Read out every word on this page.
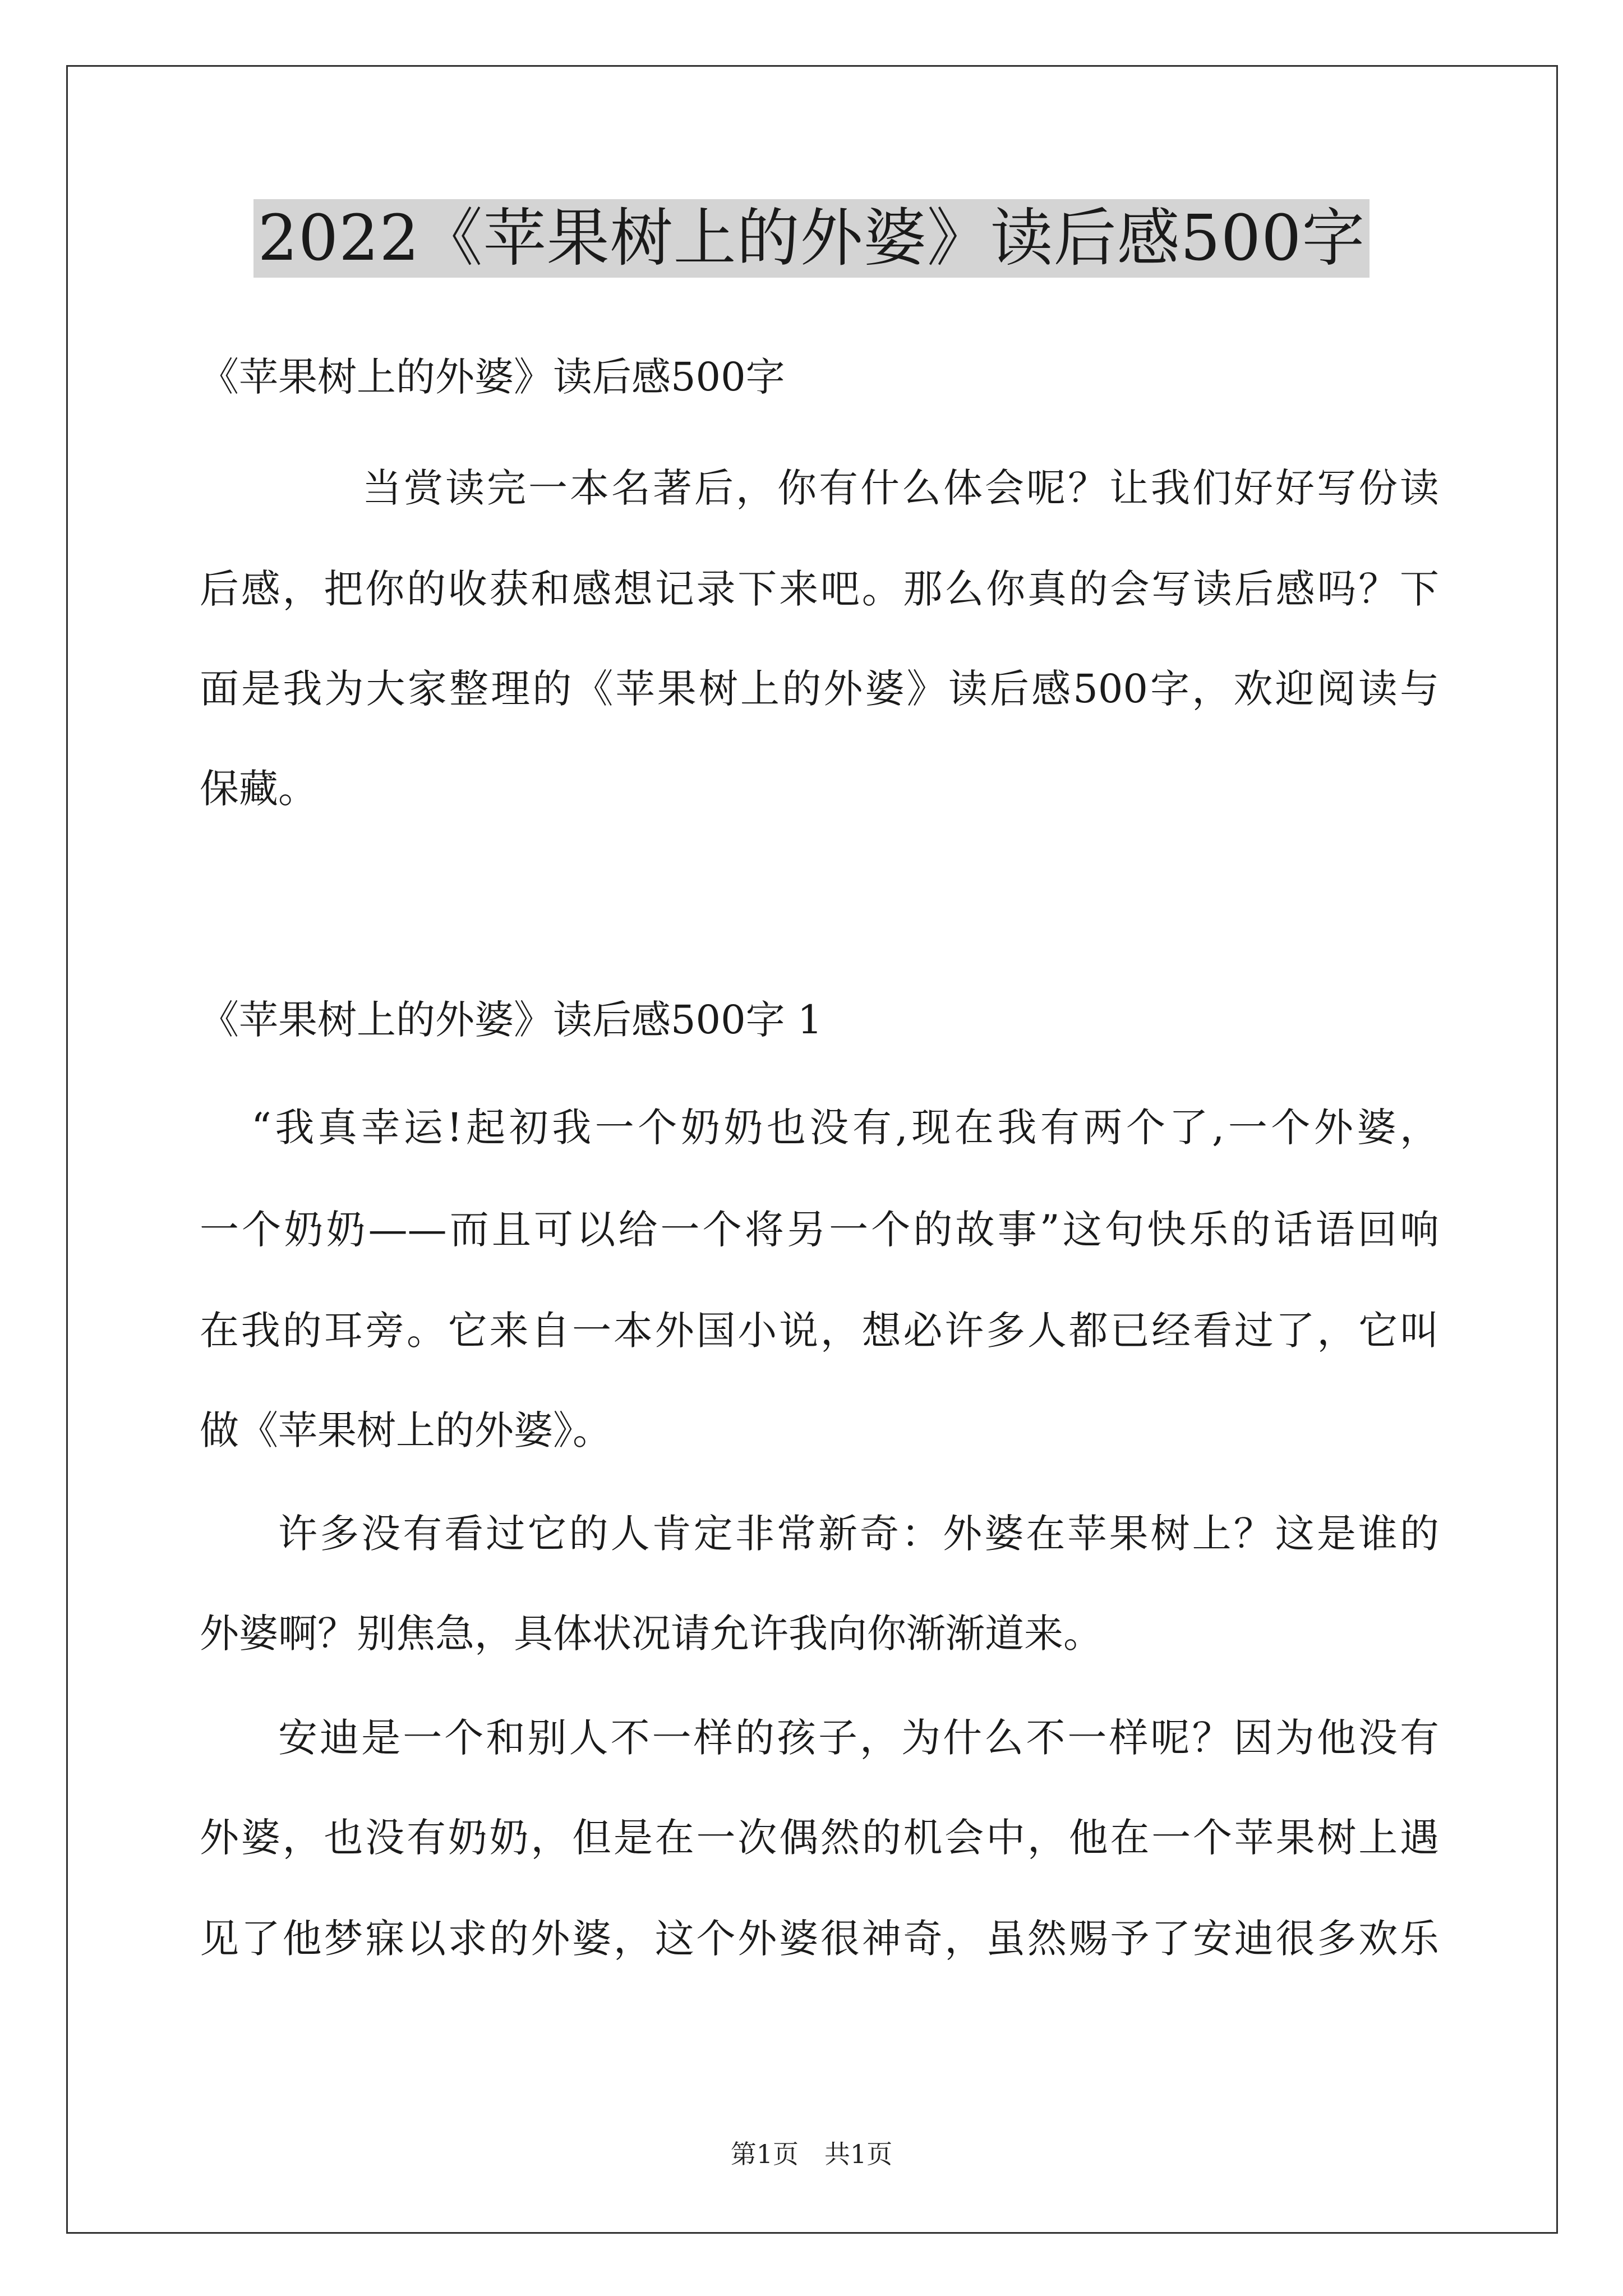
2022《苹果树上的外婆》读后感500字
《苹果树上的外婆》读后感500字
当赏读完一本名著后，你有什么体会呢？让我们好好写份读
后感，把你的收获和感想记录下来吧。那么你真的会写读后感吗？下
面是我为大家整理的《苹果树上的外婆》读后感500字，欢迎阅读与
保藏。
《苹果树上的外婆》读后感500字 1
“我真幸运!起初我一个奶奶也没有,现在我有两个了,一个外婆，
一个奶奶——而且可以给一个将另一个的故事”这句快乐的话语回响
在我的耳旁。它来自一本外国小说，想必许多人都已经看过了，它叫
做《苹果树上的外婆》。
许多没有看过它的人肯定非常新奇：外婆在苹果树上？这是谁的
外婆啊？别焦急，具体状况请允许我向你渐渐道来。
安迪是一个和别人不一样的孩子，为什么不一样呢？因为他没有
外婆，也没有奶奶，但是在一次偶然的机会中，他在一个苹果树上遇
见了他梦寐以求的外婆，这个外婆很神奇，虽然赐予了安迪很多欢乐
第1页　共1页
